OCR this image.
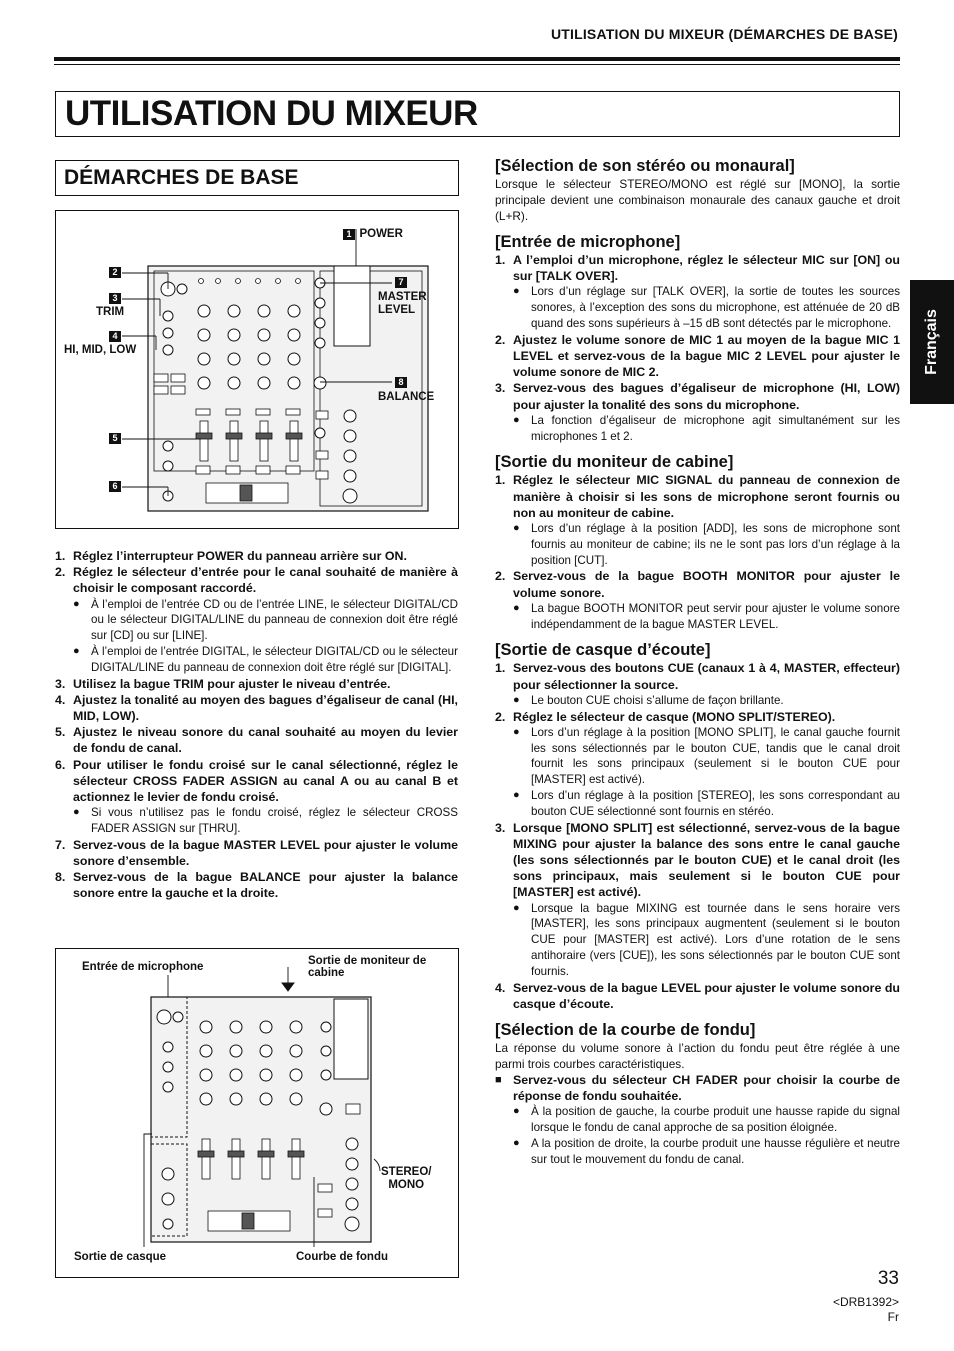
UTILISATION DU MIXEUR (DÉMARCHES DE BASE)
UTILISATION DU MIXEUR
DÉMARCHES DE BASE
Français
1 POWER
2
3
TRIM
4
HI, MID, LOW
5
6
7
MASTER
LEVEL
8
BALANCE

1. Réglez l’interrupteur POWER du panneau arrière sur ON.

2. Réglez le sélecteur d’entrée pour le canal souhaité de manière à choisir le composant raccordé.

● À l’emploi de l’entrée CD ou de l’entrée LINE, le sélecteur DIGITAL/CD ou le sélecteur DIGITAL/LINE du panneau de connexion doit être réglé sur [CD] ou sur [LINE].

● À l’emploi de l’entrée DIGITAL, le sélecteur DIGITAL/CD ou le sélecteur DIGITAL/LINE du panneau de connexion doit être réglé sur [DIGITAL].

3. Utilisez la bague TRIM pour ajuster le niveau d’entrée.

4. Ajustez la tonalité au moyen des bagues d’égaliseur de canal (HI, MID, LOW).

5. Ajustez le niveau sonore du canal souhaité au moyen du levier de fondu de canal.

6. Pour utiliser le fondu croisé sur le canal sélectionné, réglez le sélecteur CROSS FADER ASSIGN au canal A ou au canal B et actionnez le levier de fondu croisé.

● Si vous n’utilisez pas le fondu croisé, réglez le sélecteur CROSS FADER ASSIGN sur [THRU].

7. Servez-vous de la bague MASTER LEVEL pour ajuster le volume sonore d’ensemble.

8. Servez-vous de la bague BALANCE pour ajuster la balance sonore entre la gauche et la droite.

Entrée de microphone	Sortie de moniteur de cabine
STEREO/
MONO
Sortie de casque	Courbe de fondu

[Sélection de son stéréo ou monaural]

Lorsque le sélecteur STEREO/MONO est réglé sur [MONO], la sortie principale devient une combinaison monaurale des canaux gauche et droit (L+R).

[Entrée de microphone]

1. A l’emploi d’un microphone, réglez le sélecteur MIC sur [ON] ou sur [TALK OVER].

● Lors d’un réglage sur [TALK OVER], la sortie de toutes les sources sonores, à l’exception des sons du microphone, est atténuée de 20 dB quand des sons supérieurs à –15 dB sont détectés par le microphone.

2. Ajustez le volume sonore de MIC 1 au moyen de la bague MIC 1 LEVEL et servez-vous de la bague MIC 2 LEVEL pour ajuster le volume sonore de MIC 2.

3. Servez-vous des bagues d’égaliseur de microphone (HI, LOW) pour ajuster la tonalité des sons du microphone.

● La fonction d’égaliseur de microphone agit simultanément sur les microphones 1 et 2.

[Sortie du moniteur de cabine]

1. Réglez le sélecteur MIC SIGNAL du panneau de connexion de manière à choisir si les sons de microphone seront fournis ou non au moniteur de cabine.

● Lors d’un réglage à la position [ADD], les sons de microphone sont fournis au moniteur de cabine; ils ne le sont pas lors d’un réglage à la position [CUT].

2. Servez-vous de la bague BOOTH MONITOR pour ajuster le volume sonore.

● La bague BOOTH MONITOR peut servir pour ajuster le volume sonore indépendamment de la bague MASTER LEVEL.

[Sortie de casque d’écoute]

1. Servez-vous des boutons CUE (canaux 1 à 4, MASTER, effecteur) pour sélectionner la source.

● Le bouton CUE choisi s’allume de façon brillante.

2. Réglez le sélecteur de casque (MONO SPLIT/STEREO).

● Lors d’un réglage à la position [MONO SPLIT], le canal gauche fournit les sons sélectionnés par le bouton CUE, tandis que le canal droit fournit les sons principaux (seulement si le bouton CUE pour [MASTER] est activé).

● Lors d’un réglage à la position [STEREO], les sons correspondant au bouton CUE sélectionné sont fournis en stéréo.

3. Lorsque [MONO SPLIT] est sélectionné, servez-vous de la bague MIXING pour ajuster la balance des sons entre le canal gauche (les sons sélectionnés par le bouton CUE) et le canal droit (les sons principaux, mais seulement si le bouton CUE pour [MASTER] est activé).

● Lorsque la bague MIXING est tournée dans le sens horaire vers [MASTER], les sons principaux augmentent (seulement si le bouton CUE pour [MASTER] est activé). Lors d’une rotation de le sens antihoraire (vers [CUE]), les sons sélectionnés par le bouton CUE sont fournis.

4. Servez-vous de la bague LEVEL pour ajuster le volume sonore du casque d’écoute.

[Sélection de la courbe de fondu]

La réponse du volume sonore à l’action du fondu peut être réglée à une parmi trois courbes caractéristiques.

■ Servez-vous du sélecteur CH FADER pour choisir la courbe de réponse de fondu souhaitée.

● À la position de gauche, la courbe produit une hausse rapide du signal lorsque le fondu de canal approche de sa position éloignée.

● A la position de droite, la courbe produit une hausse régulière et neutre sur tout le mouvement du fondu de canal.

33
<DRB1392>
Fr
